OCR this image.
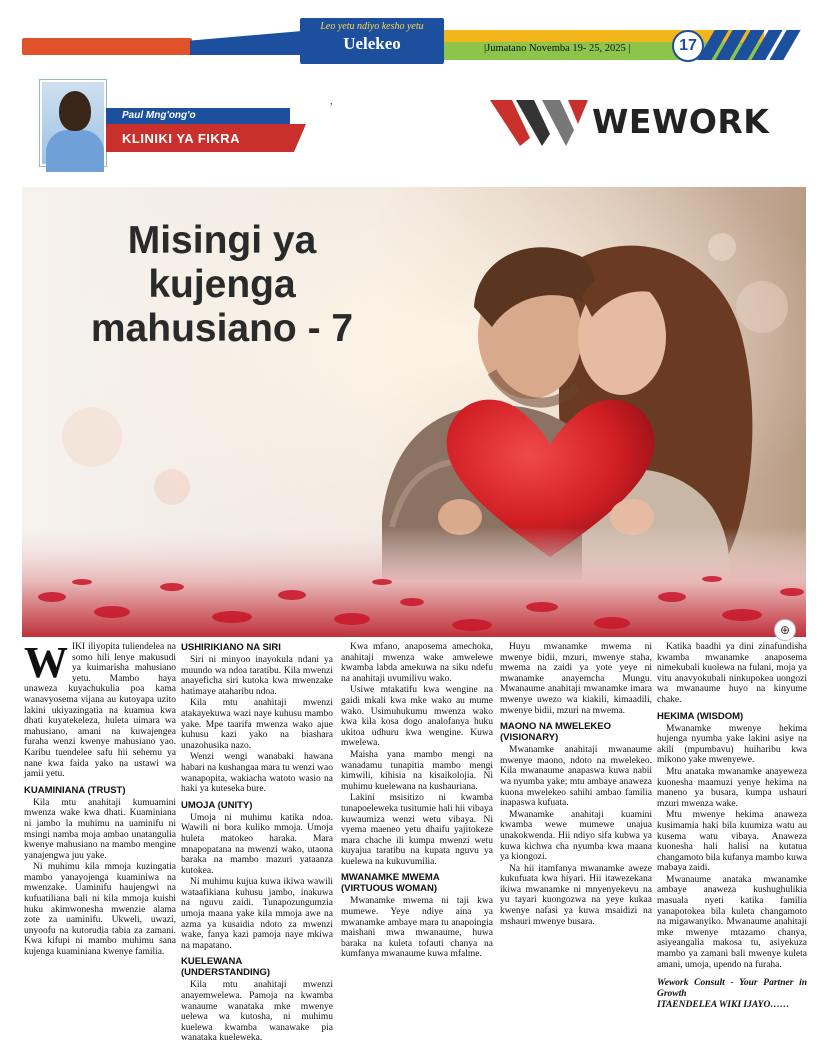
Leo yetu ndiyo kesho yetu
Uelekeo	|Jumatano Novemba 19- 25, 2025 |	17
Paul Mng'ong'o
KLINIKI YA FIKRA
,
WEWORK
Misingi ya kujenga mahusiano - 7
⊕

WIKI iliyopita tuliendelea na somo hili lenye makusudi ya kuimarisha mahusiano yetu. Mambo haya unaweza kuyachukulia poa kama wanavyosema vijana au kutoyapa uzito lakini ukiyazingatia na kuamua kwa dhati kuyatekeleza, huleta uimara wa mahusiano, amani na kuwajengea furaha wenzi kwenye mahusiano yao. Karibu tuendelee safu hii sehemu ya nane kwa faida yako na ustawi wa jamii yetu.

KUAMINIANA (TRUST)

Kila mtu anahitaji kumuamini mwenza wake kwa dhati. Kuaminiana ni jambo la muhimu na uaminifu ni msingi namba moja ambao unatangulia kwenye mahusiano na mambo mengine yanajengwa juu yake.

Ni muhimu kila mmoja kuzingatia mambo yanayojenga kuaminiwa na mwenzake. Uaminifu haujengwi na kufuatiliana bali ni kila mmoja kuishi huku akimwonesha mwenzie alama zote za uaminifu. Ukweli, uwazi, unyoofu na kutorudia tabia za zamani. Kwa kifupi ni mambo muhimu sana kujenga kuaminiana kwenye familia.

USHIRIKIANO NA SIRI

Siri ni minyoo inayokula ndani ya muundo wa ndoa taratibu. Kila mwenzi anayeficha siri kutoka kwa mwenzake hatimaye ataharibu ndoa.

Kila mtu anahitaji mwenzi atakayekuwa wazi naye kuhusu mambo yake. Mpe taarifa mwenza wako ajue kuhusu kazi yako na biashara unazohusika nazo.

Wenzi wengi wanabaki hawana habari na kushangaa mara tu wenzi wao wanapopita, wakiacha watoto wasio na haki ya kuteseka bure.

UMOJA (UNITY)

Umoja ni muhimu katika ndoa. Wawili ni bora kuliko mmoja. Umoja huleta matokeo haraka. Mara mnapopatana na mwenzi wako, utaona baraka na mambo mazuri yataanza kutokea.

Ni muhimu kujua kuwa ikiwa wawili wataafikiana kuhusu jambo, inakuwa na nguvu zaidi. Tunapozungumzia umoja maana yake kila mmoja awe na azma ya kusaidia ndoto za mwenzi wake, fanya kazi pamoja naye mkiwa na mapatano.

KUELEWANA (UNDERSTANDING)

Kila mtu anahitaji mwenzi anayemwelewa. Pamoja na kwamba wanaume wanataka mke mwenye uelewa wa kutosha, ni muhimu kuelewa kwamba wanawake pia wanataka kueleweka.

Kwa mfano, anaposema amechoka, anahitaji mwenza wake amwelewe kwamba labda amekuwa na siku ndefu na anahitaji uvumilivu wako.

Usiwe mtakatifu kwa wengine na gaidi mkali kwa mke wako au mume wako. Usimuhukumu mwenza wako kwa kila kosa dogo analofanya huku ukitoa udhuru kwa wengine. Kuwa mwelewa.

Maisha yana mambo mengi na wanadamu tunapitia mambo mengi kimwili, kihisia na kisaikolojia. Ni muhimu kuelewana na kushauriana.

Lakini msisitizo ni kwamba tunapoeleweka tusitumie hali hii vibaya kuwaumiza wenzi wetu vibaya. Ni vyema maeneo yetu dhaifu yajitokeze mara chache ili kumpa mwenzi wetu kuyajua taratibu na kupata nguvu ya kuelewa na kukuvumilia.

MWANAMKE MWEMA (VIRTUOUS WOMAN)

Mwanamke mwema ni taji kwa mumewe. Yeye ndiye aina ya mwanamke ambaye mara tu anapoingia maishani mwa mwanaume, huwa baraka na kuleta tofauti chanya na kumfanya mwanaume kuwa mfalme.

Huyu mwanamke mwema ni mwenye bidii, mzuri, mwenye staha, mwema na zaidi ya yote yeye ni mwanamke anayemcha Mungu. Mwanaume anahitaji mwanamke imara mwenye uwezo wa kiakili, kimaadili, mwenye bidii, mzuri na mwema.

MAONO NA MWELEKEO (VISIONARY)

Mwanamke anahitaji mwanaume mwenye maono, ndoto na mwelekeo. Kila mwanaume anapaswa kuwa nabii wa nyumba yake; mtu ambaye anaweza kuona mwelekeo sahihi ambao familia inapaswa kufuata.

Mwanamke anahitaji kuamini kwamba wewe mumewe unajua unakokwenda. Hii ndiyo sifa kubwa ya kuwa kichwa cha nyumba kwa maana ya kiongozi.

Na hii itamfanya mwanamke aweze kukufuata kwa hiyari. Hii itawezekana ikiwa mwanamke ni mnyenyekevu na yu tayari kuongozwa na yeye kukaa kwenye nafasi ya kuwa msaidizi na mshauri mwenye busara.

Katika baadhi ya dini zinafundisha kwamba mwanamke anaposema nimekubali kuolewa na fulani, moja ya vitu anavyokubali ninkupokea uongozi wa mwanaume huyo na kinyume chake.

HEKIMA (WISDOM)

Mwanamke mwenye hekima hujenga nyumba yake lakini asiye na akili (mpumbavu) huiharibu kwa mikono yake mwenyewe.

Mtu anataka mwanamke anayeweza kuonesha maamuzi yenye hekima na maneno ya busara, kumpa ushauri mzuri mwenza wake.

Mtu mwenye hekima anaweza kusimamia haki bila kuumiza watu au kusema watu vibaya. Anaweza kuonesha hali halisi na kutatua changamoto bila kufanya mambo kuwa mabaya zaidi.

Mwanaume anataka mwanamke ambaye anaweza kushughulikia masuala nyeti katika familia yanapotokea bila kuleta changamoto na migawanyiko. Mwanaume anahitaji mke mwenye mtazamo chanya, asiyeangalia makosa tu, asiyekuza mambo ya zamani bali mwenye kuleta amani, umoja, upendo na furaha.

Wework Consult - Your Partner in Growth

ITAENDELEA WIKI IJAYO……
